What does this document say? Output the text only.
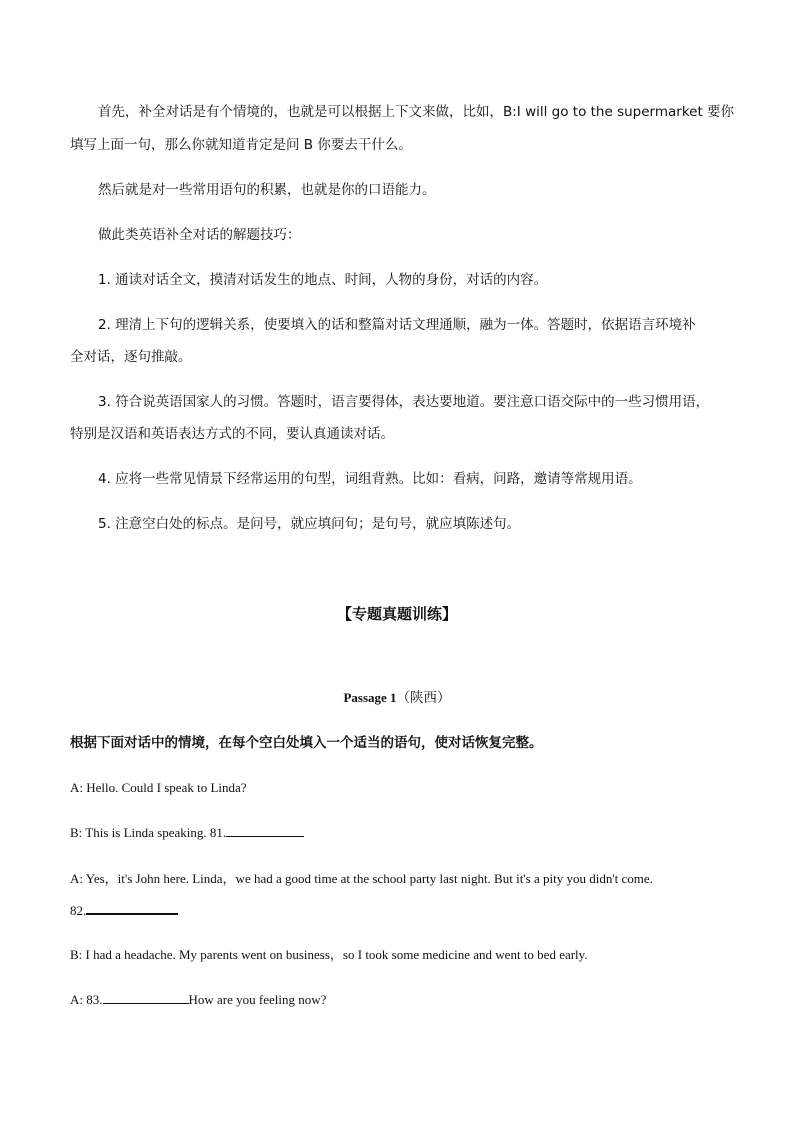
首先，补全对话是有个情境的，也就是可以根据上下文来做，比如，B:I will go to the supermarket 要你
填写上面一句，那么你就知道肯定是问 B 你要去干什么。
然后就是对一些常用语句的积累，也就是你的口语能力。
做此类英语补全对话的解题技巧：
1. 通读对话全文，摸清对话发生的地点、时间，人物的身份，对话的内容。
2. 理清上下句的逻辑关系，使要填入的话和整篇对话文理通顺，融为一体。答题时，依据语言环境补
全对话，逐句推敲。
3. 符合说英语国家人的习惯。答题时，语言要得体，表达要地道。要注意口语交际中的一些习惯用语，
特别是汉语和英语表达方式的不同，要认真通读对话。
4. 应将一些常见情景下经常运用的句型，词组背熟。比如：看病，问路，邀请等常规用语。
5. 注意空白处的标点。是问号，就应填问句；是句号，就应填陈述句。
【专题真题训练】
Passage 1（陕西）
根据下面对话中的情境，在每个空白处填入一个适当的语句，使对话恢复完整。
A: Hello. Could I speak to Linda?
B: This is Linda speaking. 81.
A: Yes，it's John here. Linda，we had a good time at the school party last night. But it's a pity you didn't come.
82.
B: I had a headache. My parents went on business，so I took some medicine and went to bed early.
A: 83.	How are you feeling now?
